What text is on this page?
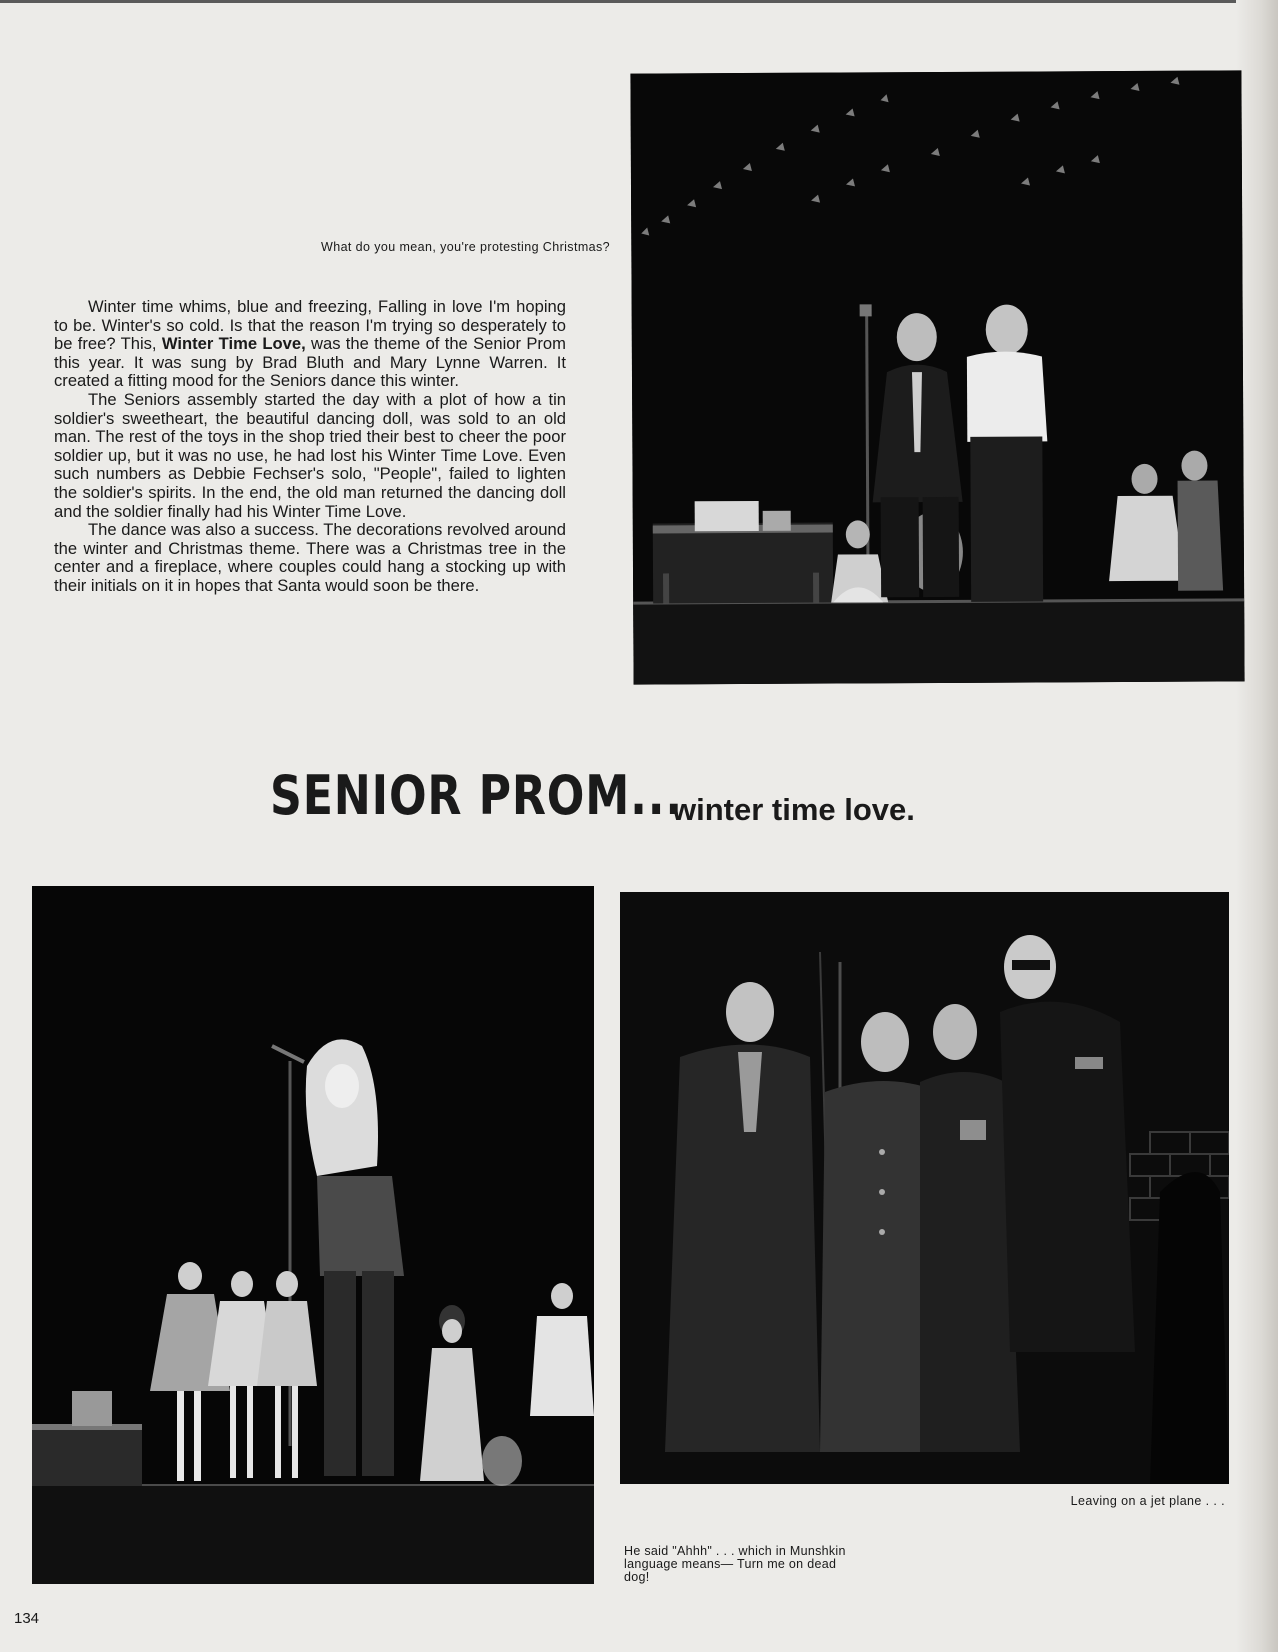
What do you mean, you're protesting Christmas?

Winter time whims, blue and freezing, Falling in love I'm hoping to be. Winter's so cold. Is that the reason I'm trying so desperately to be free? This, Winter Time Love, was the theme of the Senior Prom this year. It was sung by Brad Bluth and Mary Lynne Warren. It created a fitting mood for the Seniors dance this winter.

The Seniors assembly started the day with a plot of how a tin soldier's sweetheart, the beautiful dancing doll, was sold to an old man. The rest of the toys in the shop tried their best to cheer the poor soldier up, but it was no use, he had lost his Winter Time Love. Even such numbers as Debbie Fechser's solo, "People", failed to lighten the soldier's spirits. In the end, the old man returned the dancing doll and the soldier finally had his Winter Time Love.

The dance was also a success. The decorations revolved around the winter and Christmas theme. There was a Christmas tree in the center and a fireplace, where couples could hang a stocking up with their initials on it in hopes that Santa would soon be there.

SENIOR PROM...
winter time love.
Leaving on a jet plane . . .
He said "Ahhh" . . . which in Munshkin language means— Turn me on dead dog!
134
